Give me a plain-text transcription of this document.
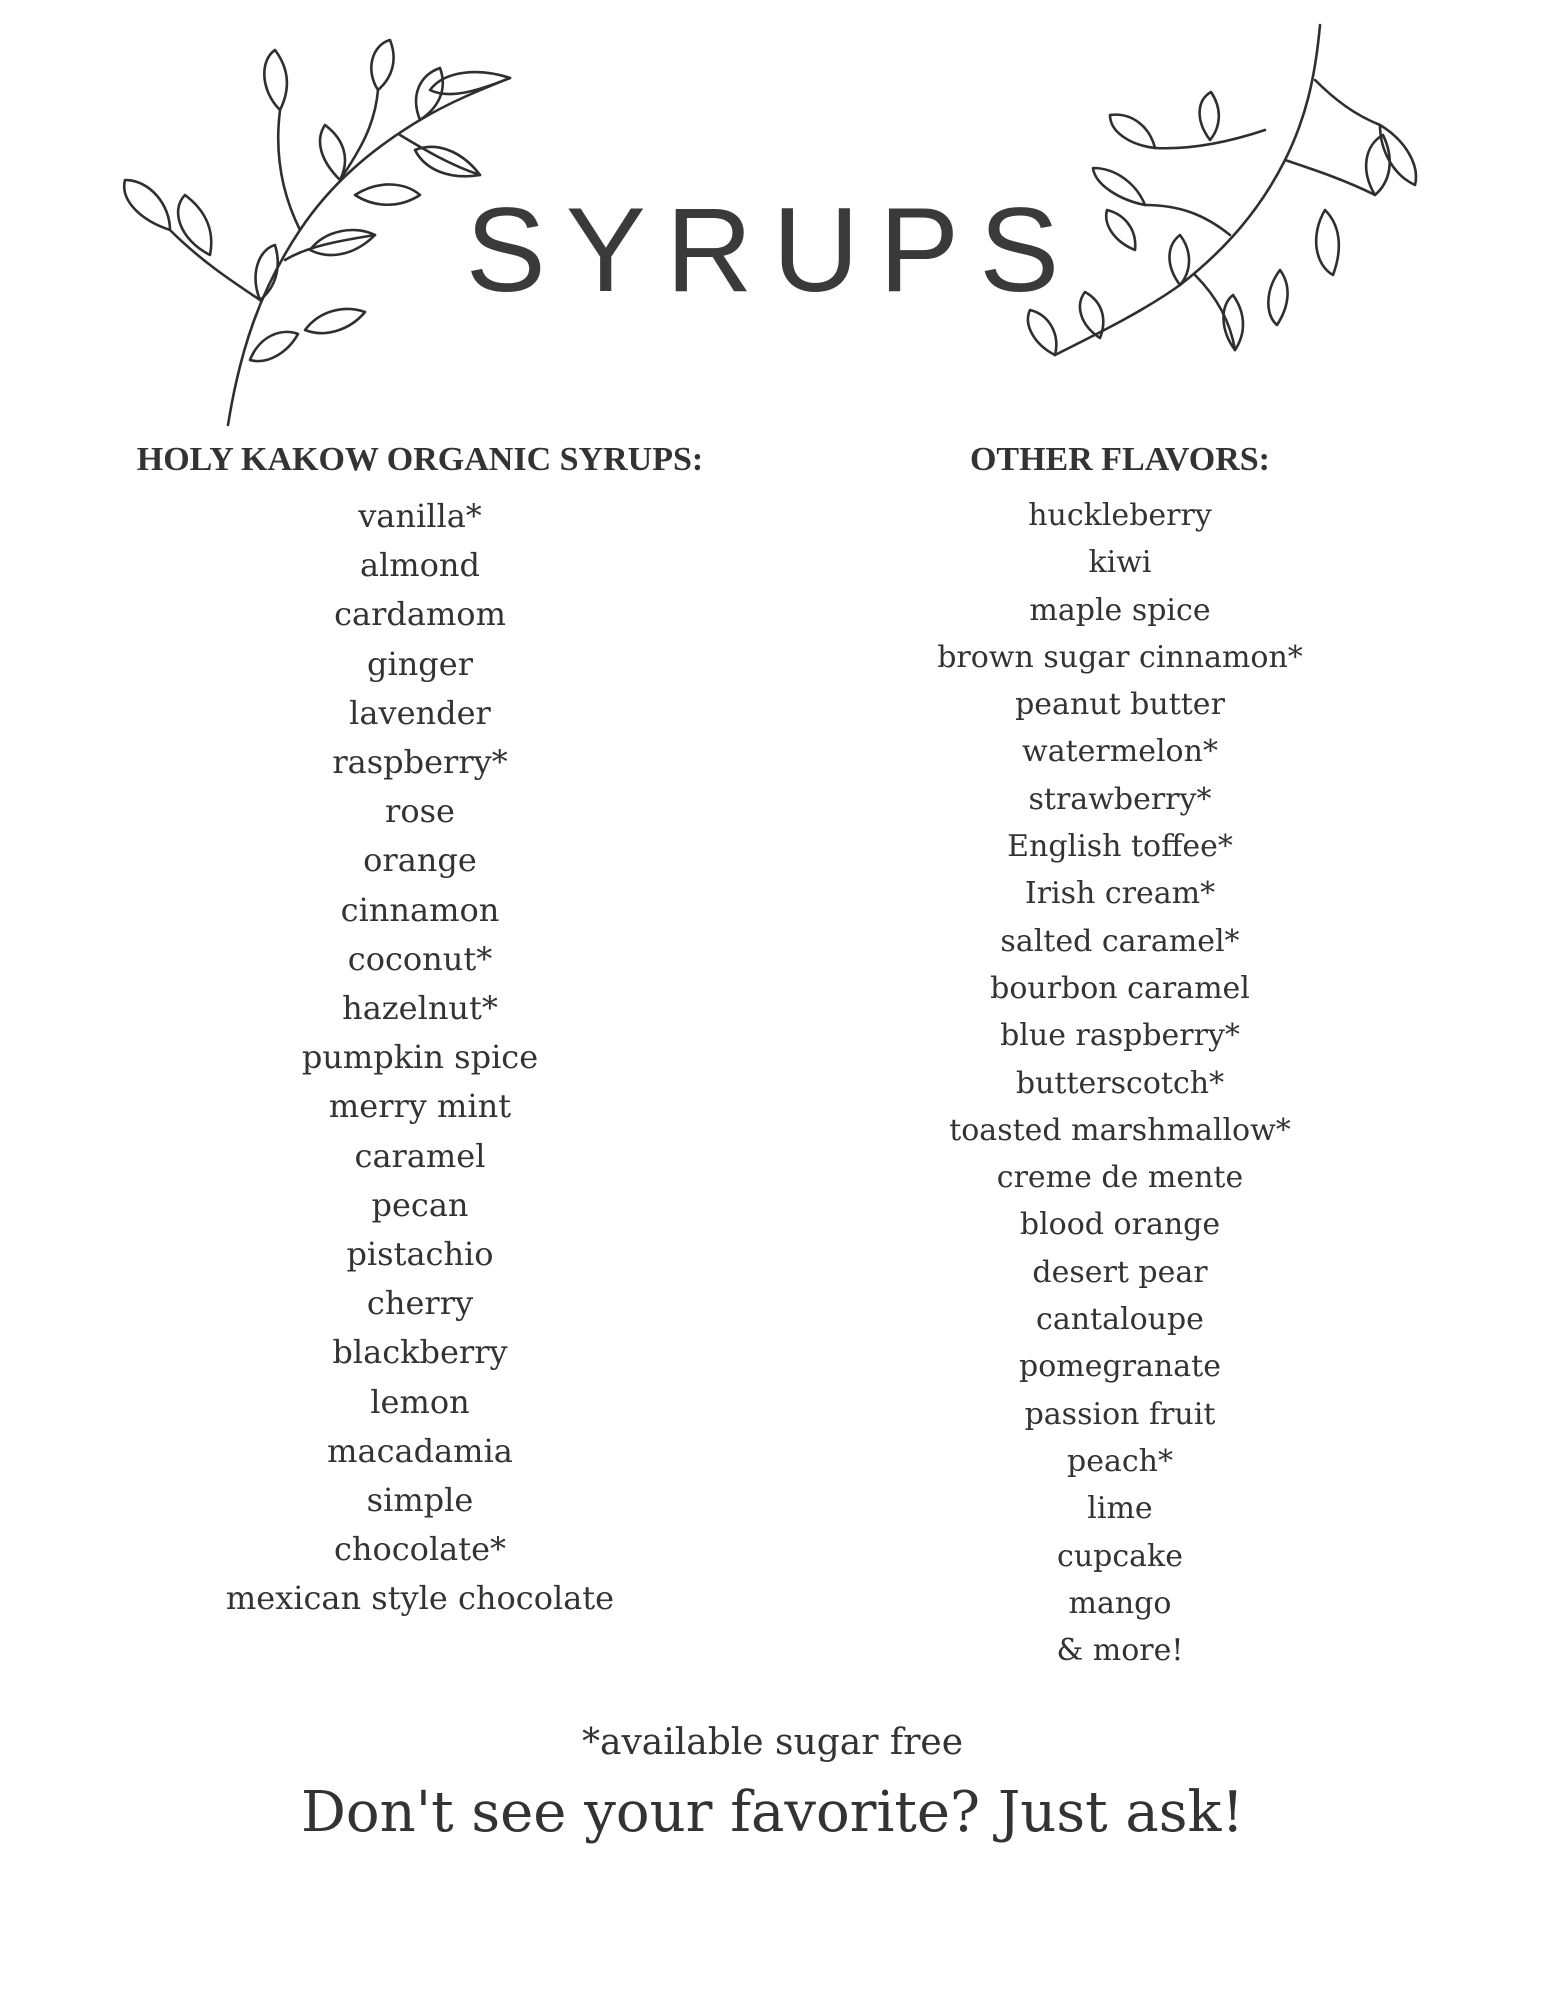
SYRUPS
HOLY KAKOW ORGANIC SYRUPS:
vanilla*
almond
cardamom
ginger
lavender
raspberry*
rose
orange
cinnamon
coconut*
hazelnut*
pumpkin spice
merry mint
caramel
pecan
pistachio
cherry
blackberry
lemon
macadamia
simple
chocolate*
mexican style chocolate
OTHER FLAVORS:
huckleberry
kiwi
maple spice
brown sugar cinnamon*
peanut butter
watermelon*
strawberry*
English toffee*
Irish cream*
salted caramel*
bourbon caramel
blue raspberry*
butterscotch*
toasted marshmallow*
creme de mente
blood orange
desert pear
cantaloupe
pomegranate
passion fruit
peach*
lime
cupcake
mango
& more!
*available sugar free
Don't see your favorite? Just ask!
